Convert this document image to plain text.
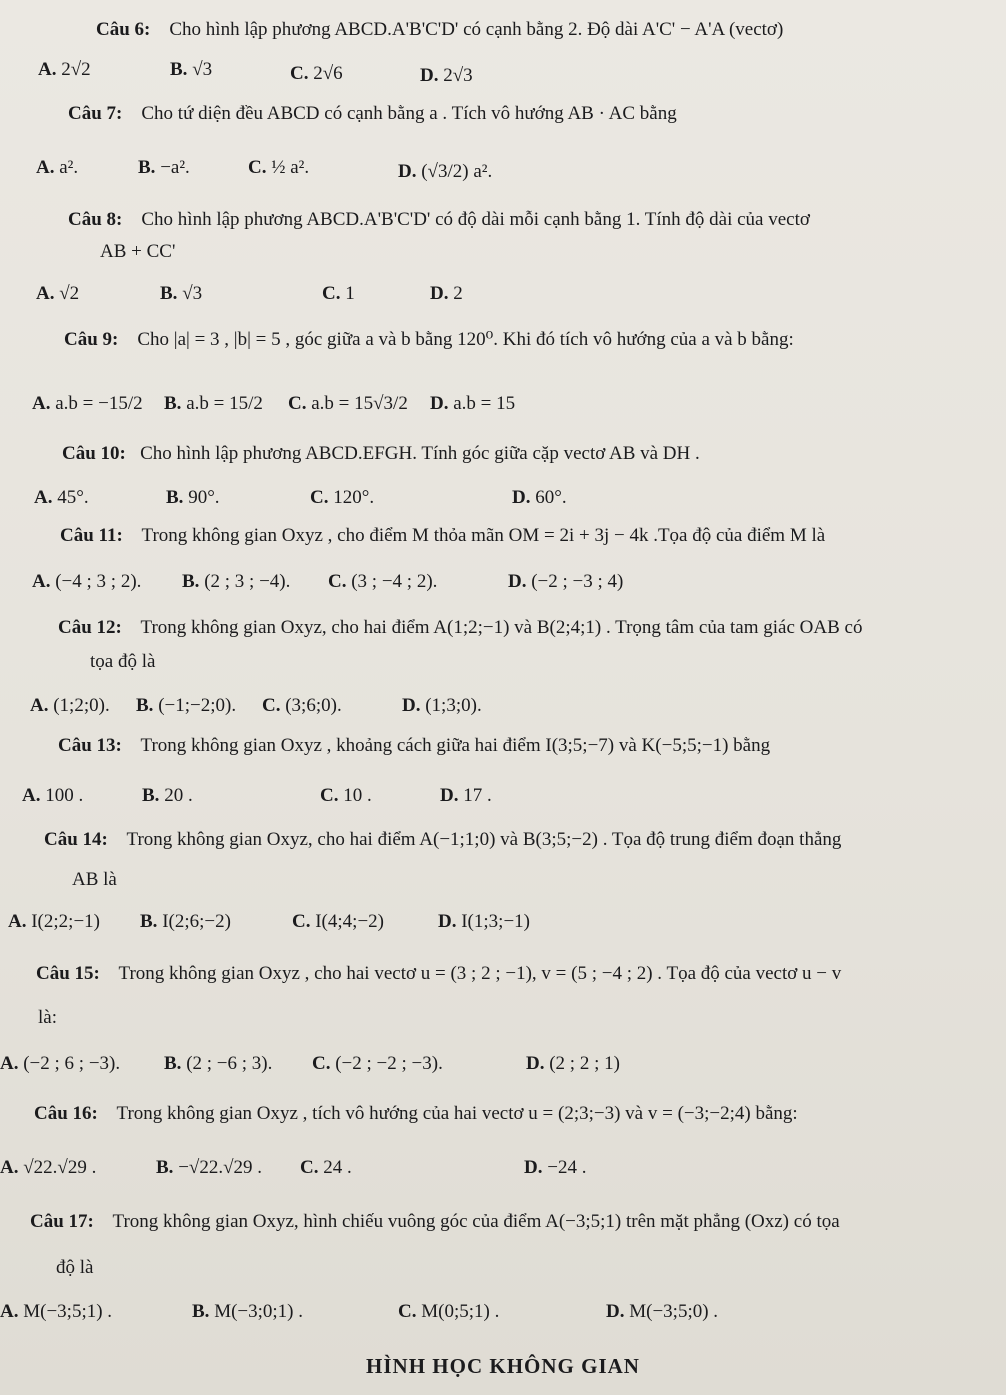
Câu 6: Cho hình lập phương ABCD.A'B'C'D' có cạnh bằng 2. Độ dài A'C' − A'A (vectơ)
A. 2√2	B. √3	C. 2√6	D. 2√3
Câu 7: Cho tứ diện đều ABCD có cạnh bằng a . Tích vô hướng AB · AC bằng
A. a².	B. −a².	C. ½ a².	D. (√3/2) a².
Câu 8: Cho hình lập phương ABCD.A'B'C'D' có độ dài mỗi cạnh bằng 1. Tính độ dài của vectơ
AB + CC'
A. √2	B. √3	C. 1	D. 2
Câu 9: Cho |a| = 3 , |b| = 5 , góc giữa a và b bằng 120⁰. Khi đó tích vô hướng của a và b bằng:
A. a.b = −15/2 B. a.b = 15/2 C. a.b = 15√3/2 D. a.b = 15
Câu 10: Cho hình lập phương ABCD.EFGH. Tính góc giữa cặp vectơ AB và DH .
A. 45°.	B. 90°.	C. 120°.	D. 60°.
Câu 11: Trong không gian Oxyz , cho điểm M thỏa mãn OM = 2i + 3j − 4k .Tọa độ của điểm M là
A. (−4 ; 3 ; 2). B. (2 ; 3 ; −4). C. (3 ; −4 ; 2).	D. (−2 ; −3 ; 4)
Câu 12: Trong không gian Oxyz, cho hai điểm A(1;2;−1) và B(2;4;1) . Trọng tâm của tam giác OAB có
tọa độ là
A. (1;2;0). B. (−1;−2;0). C. (3;6;0).	D. (1;3;0).
Câu 13: Trong không gian Oxyz , khoảng cách giữa hai điểm I(3;5;−7) và K(−5;5;−1) bằng
A. 100 .	B. 20 .	C. 10 .	D. 17 .
Câu 14: Trong không gian Oxyz, cho hai điểm A(−1;1;0) và B(3;5;−2) . Tọa độ trung điểm đoạn thẳng
AB là
A. I(2;2;−1) B. I(2;6;−2)	C. I(4;4;−2)	D. I(1;3;−1)
Câu 15: Trong không gian Oxyz , cho hai vectơ u = (3 ; 2 ; −1), v = (5 ; −4 ; 2) . Tọa độ của vectơ u − v
là:
A. (−2 ; 6 ; −3). B. (2 ; −6 ; 3). C. (−2 ; −2 ; −3).	D. (2 ; 2 ; 1)
Câu 16: Trong không gian Oxyz , tích vô hướng của hai vectơ u = (2;3;−3) và v = (−3;−2;4) bằng:
A. √22.√29 .	B. −√22.√29 . C. 24 .	D. −24 .
Câu 17: Trong không gian Oxyz, hình chiếu vuông góc của điểm A(−3;5;1) trên mặt phẳng (Oxz) có tọa
độ là
A. M(−3;5;1) .	B. M(−3;0;1) .	C. M(0;5;1) .	D. M(−3;5;0) .
HÌNH HỌC KHÔNG GIAN
